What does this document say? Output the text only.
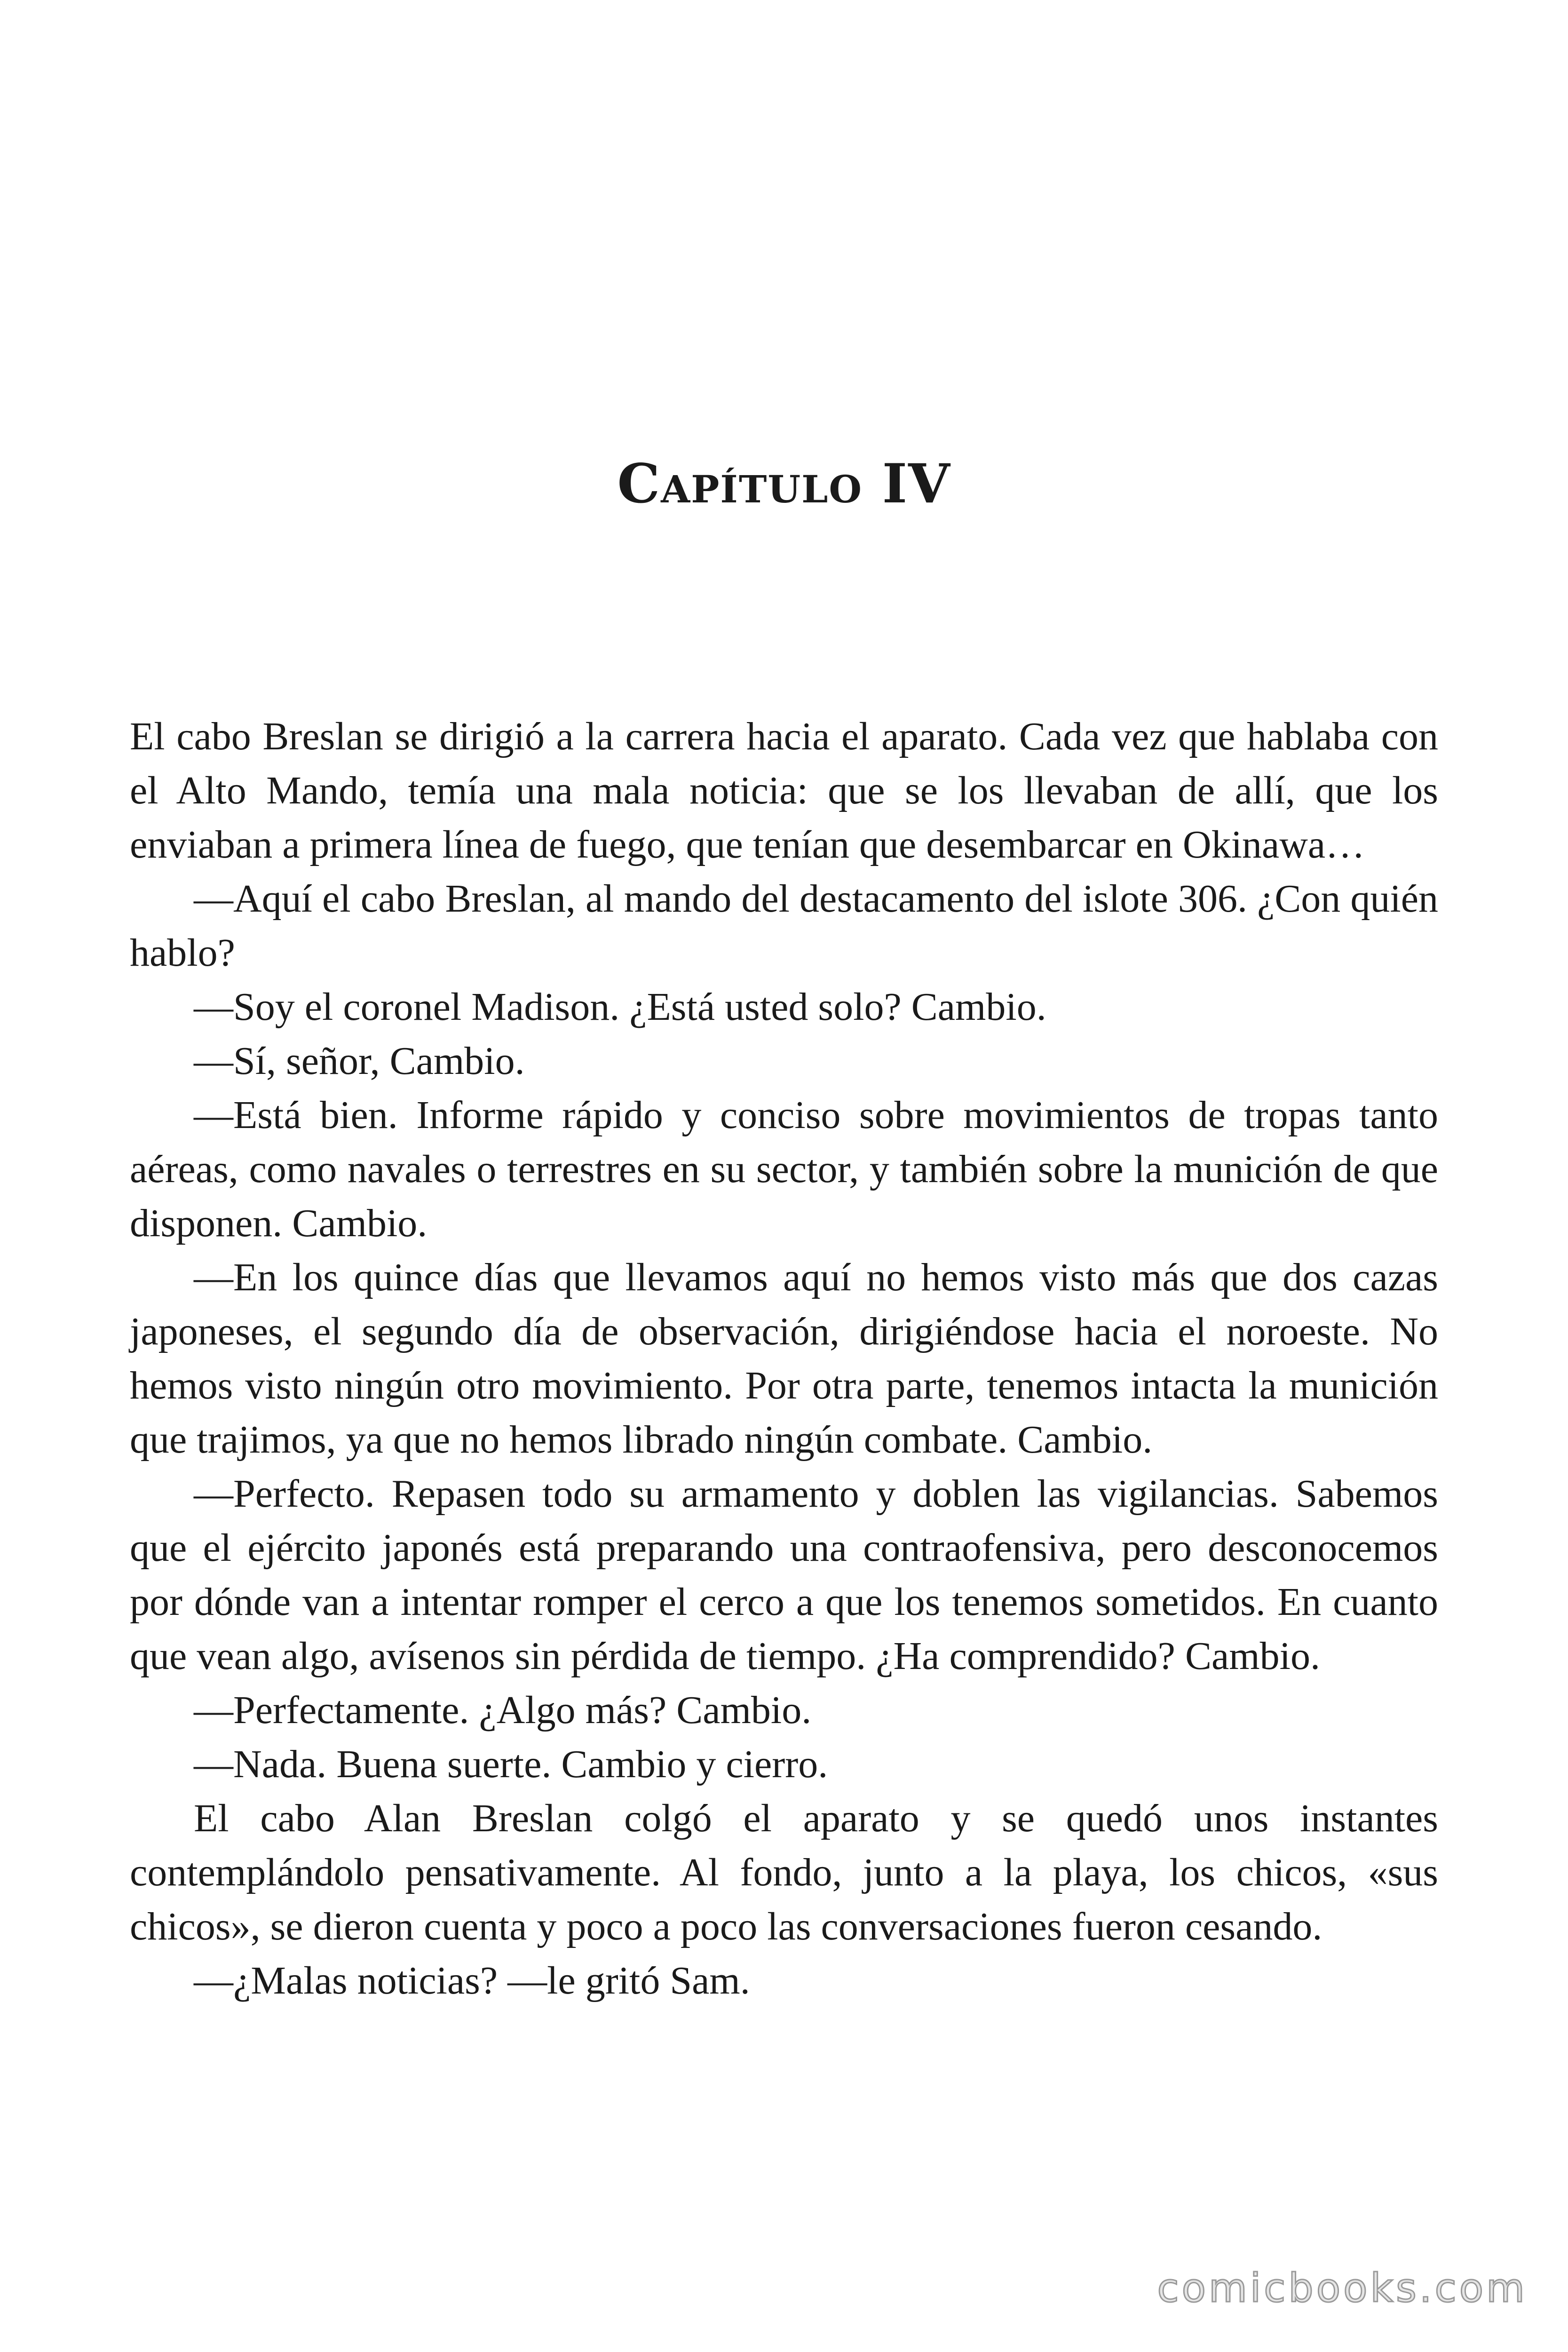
Capítulo IV

El cabo Breslan se dirigió a la carrera hacia el aparato. Cada vez que hablaba con el Alto Mando, temía una mala noticia: que se los llevaban de allí, que los enviaban a primera línea de fuego, que tenían que desembarcar en Okinawa…

—Aquí el cabo Breslan, al mando del destacamento del islote 306. ¿Con quién hablo?

—Soy el coronel Madison. ¿Está usted solo? Cambio.

—Sí, señor, Cambio.

—Está bien. Informe rápido y conciso sobre movimientos de tropas tanto aéreas, como navales o terrestres en su sector, y también sobre la munición de que disponen. Cambio.

—En los quince días que llevamos aquí no hemos visto más que dos cazas japoneses, el segundo día de observación, dirigiéndose hacia el noroeste. No hemos visto ningún otro movimiento. Por otra parte, tenemos intacta la munición que trajimos, ya que no hemos librado ningún combate. Cambio.

—Perfecto. Repasen todo su armamento y doblen las vigilancias. Sabemos que el ejército japonés está preparando una contraofensiva, pero desconocemos por dónde van a intentar romper el cerco a que los tenemos sometidos. En cuanto que vean algo, avísenos sin pérdida de tiempo. ¿Ha comprendido? Cambio.

—Perfectamente. ¿Algo más? Cambio.

—Nada. Buena suerte. Cambio y cierro.

El cabo Alan Breslan colgó el aparato y se quedó unos instantes contemplándolo pensativamente. Al fondo, junto a la playa, los chicos, «sus chicos», se dieron cuenta y poco a poco las conversaciones fueron cesando.

—¿Malas noticias? —le gritó Sam.

comicbooks.com
